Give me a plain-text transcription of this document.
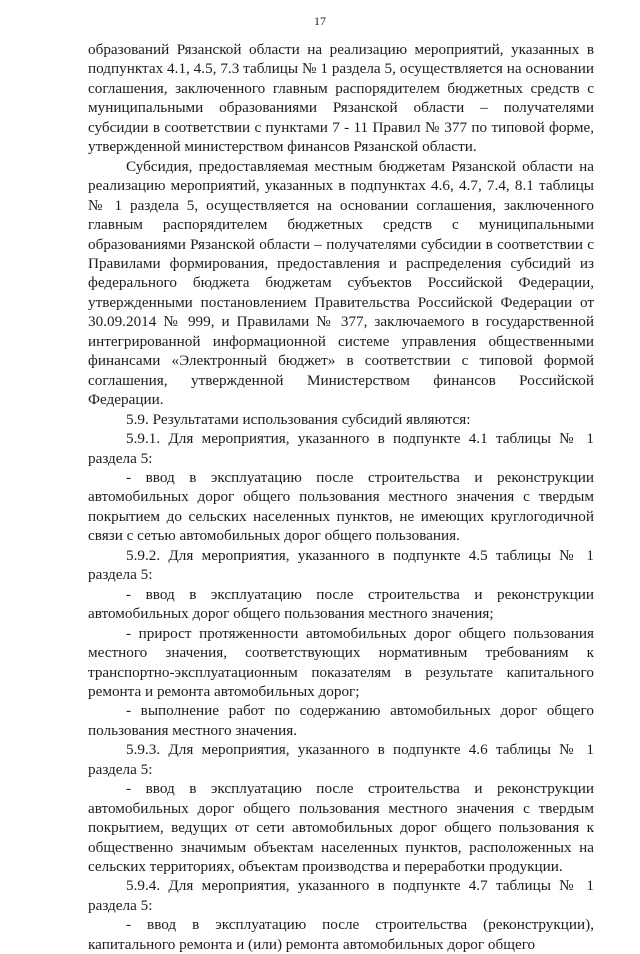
17

образований Рязанской области на реализацию мероприятий, указанных в подпунктах 4.1, 4.5, 7.3 таблицы № 1 раздела 5, осуществляется на основании соглашения, заключенного главным распорядителем бюджетных средств с муниципальными образованиями Рязанской области – получателями субсидии в соответствии с пунктами 7 - 11 Правил № 377 по типовой форме, утвержденной министерством финансов Рязанской области.

Субсидия, предоставляемая местным бюджетам Рязанской области на реализацию мероприятий, указанных в подпунктах 4.6, 4.7, 7.4, 8.1 таблицы № 1 раздела 5, осуществляется на основании соглашения, заключенного главным распорядителем бюджетных средств с муниципальными образованиями Рязанской области – получателями субсидии в соответствии с Правилами формирования, предоставления и распределения субсидий из федерального бюджета бюджетам субъектов Российской Федерации, утвержденными постановлением Правительства Российской Федерации от 30.09.2014 № 999, и Правилами № 377, заключаемого в государственной интегрированной информационной системе управления общественными финансами «Электронный бюджет» в соответствии с типовой формой соглашения, утвержденной Министерством финансов Российской Федерации.

5.9. Результатами использования субсидий являются:

5.9.1. Для мероприятия, указанного в подпункте 4.1 таблицы № 1 раздела 5:

- ввод в эксплуатацию после строительства и реконструкции автомобильных дорог общего пользования местного значения с твердым покрытием до сельских населенных пунктов, не имеющих круглогодичной связи с сетью автомобильных дорог общего пользования.

5.9.2. Для мероприятия, указанного в подпункте 4.5 таблицы № 1 раздела 5:

- ввод в эксплуатацию после строительства и реконструкции автомобильных дорог общего пользования местного значения;

- прирост протяженности автомобильных дорог общего пользования местного значения, соответствующих нормативным требованиям к транспортно-эксплуатационным показателям в результате капитального ремонта и ремонта автомобильных дорог;

- выполнение работ по содержанию автомобильных дорог общего пользования местного значения.

5.9.3. Для мероприятия, указанного в подпункте 4.6 таблицы № 1 раздела 5:

- ввод в эксплуатацию после строительства и реконструкции автомобильных дорог общего пользования местного значения с твердым покрытием, ведущих от сети автомобильных дорог общего пользования к общественно значимым объектам населенных пунктов, расположенных на сельских территориях, объектам производства и переработки продукции.

5.9.4. Для мероприятия, указанного в подпункте 4.7 таблицы № 1 раздела 5:

- ввод в эксплуатацию после строительства (реконструкции), капитального ремонта и (или) ремонта автомобильных дорог общего
